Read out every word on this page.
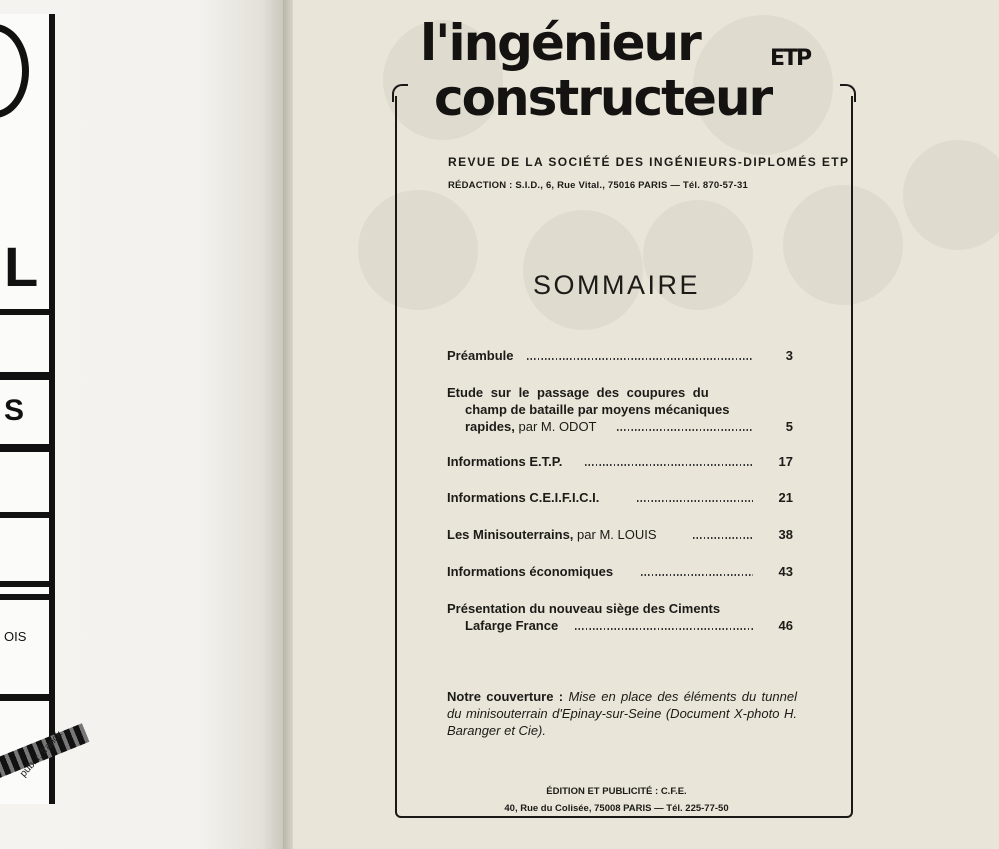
L
S
OIS
pub. r. franck
l'ingénieur
constructeur
ETP
REVUE DE LA SOCIÉTÉ DES INGÉNIEURS-DIPLOMÉS ETP
RÉDACTION : S.I.D., 6, Rue Vital., 75016 PARIS — Tél. 870-57-31
SOMMAIRE
Préambule	3
Etude sur le passage des coupures du
champ de bataille par moyens mécaniques
rapides, par M. ODOT	5
Informations E.T.P.	17
Informations C.E.I.F.I.C.I.	21
Les Minisouterrains, par M. LOUIS	38
Informations économiques	43
Présentation du nouveau siège des Ciments
Lafarge France	46
Notre couverture : Mise en place des éléments du tunnel du minisouterrain d'Epinay-sur-Seine (Document X-photo H. Baranger et Cie).
ÉDITION ET PUBLICITÉ : C.F.E.
40, Rue du Colisée, 75008 PARIS — Tél. 225-77-50
